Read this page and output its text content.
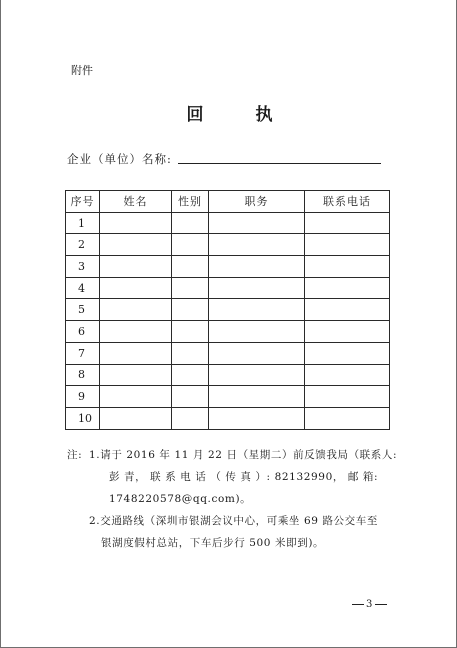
附件
回执
企业（单位）名称:
序号	姓名	性别	职务	联系电话
1				
2				
3				
4				
5				
6				
7				
8				
9				
10				
注: 1.请于 2016 年 11 月 22 日（星期二）前反馈我局（联系人:
彭 青， 联 系 电 话 （ 传 真 ）: 82132990， 邮 箱:
1748220578@qq.com)。
2.交通路线（深圳市银湖会议中心，可乘坐 69 路公交车至
银湖度假村总站，下车后步行 500 米即到)。
3
